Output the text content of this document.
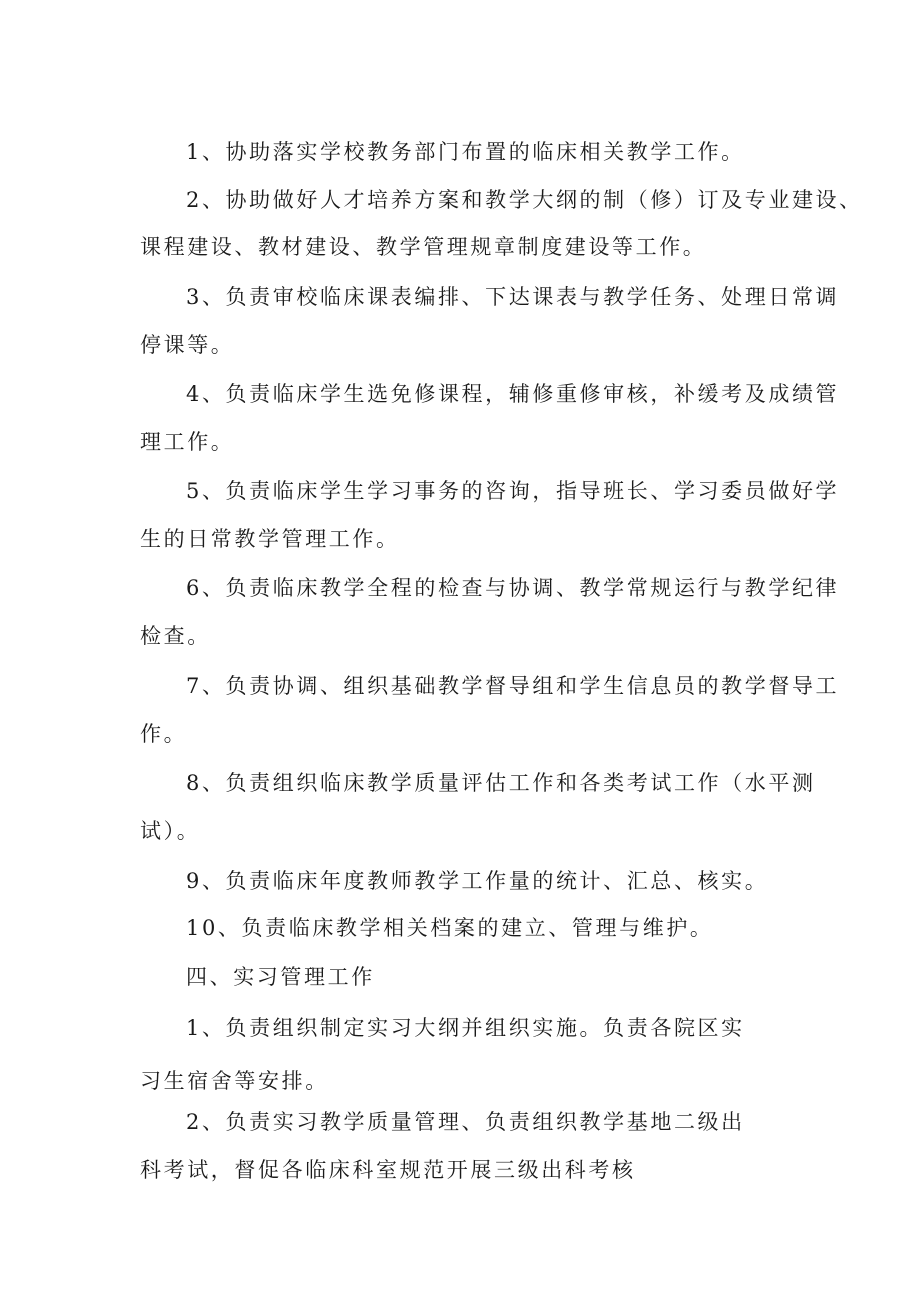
1、协助落实学校教务部门布置的临床相关教学工作。
2、协助做好人才培养方案和教学大纲的制（修）订及专业建设、
课程建设、教材建设、教学管理规章制度建设等工作。
3、负责审校临床课表编排、下达课表与教学任务、处理日常调
停课等。
4、负责临床学生选免修课程，辅修重修审核，补缓考及成绩管
理工作。
5、负责临床学生学习事务的咨询，指导班长、学习委员做好学
生的日常教学管理工作。
6、负责临床教学全程的检查与协调、教学常规运行与教学纪律
检查。
7、负责协调、组织基础教学督导组和学生信息员的教学督导工
作。
8、负责组织临床教学质量评估工作和各类考试工作（水平测
试）。
9、负责临床年度教师教学工作量的统计、汇总、核实。
10、负责临床教学相关档案的建立、管理与维护。
四、实习管理工作
1、负责组织制定实习大纲并组织实施。负责各院区实
习生宿舍等安排。
2、负责实习教学质量管理、负责组织教学基地二级出
科考试，督促各临床科室规范开展三级出科考核
